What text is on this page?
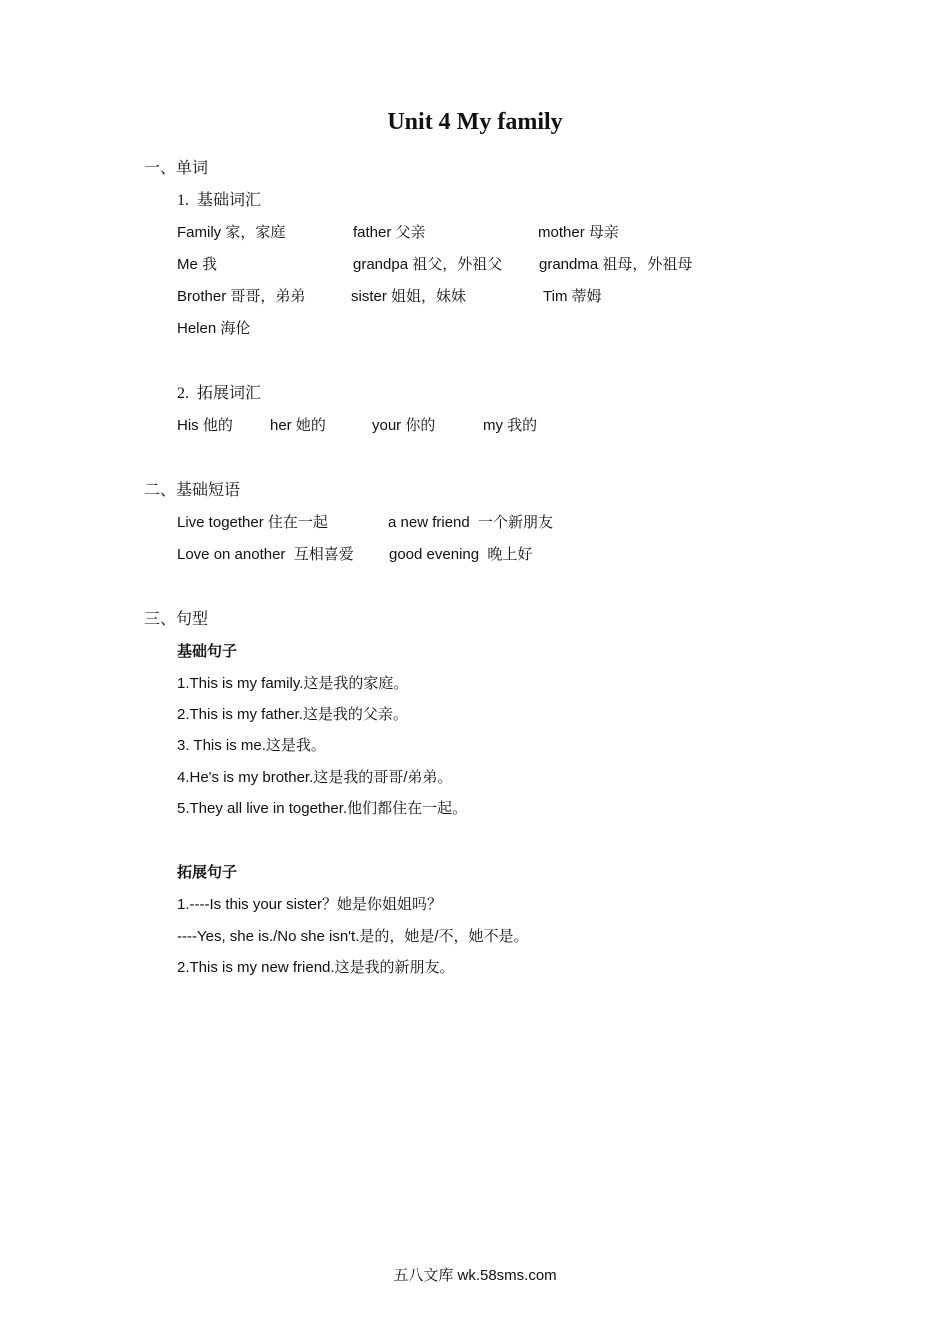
Unit 4 My family
一、单词
1.  基础词汇
Family 家，家庭	father 父亲	mother 母亲
Me 我	grandpa 祖父，外祖父 grandma 祖母，外祖母
Brother 哥哥，弟弟	sister 姐姐，妹妹	Tim 蒂姆
Helen 海伦
2.  拓展词汇
His 他的 her 她的	your 你的	my 我的
二、基础短语
Live together 住在一起	a new friend  一个新朋友
Love on another  互相喜爱 good evening  晚上好
三、句型
基础句子
1.This is my family.这是我的家庭。
2.This is my father.这是我的父亲。
3. This is me.这是我。
4.He's is my brother.这是我的哥哥/弟弟。
5.They all live in together.他们都住在一起。
拓展句子
1.----Is this your sister？她是你姐姐吗？
----Yes, she is./No she isn't.是的，她是/不，她不是。
2.This is my new friend.这是我的新朋友。
五八文库 wk.58sms.com
